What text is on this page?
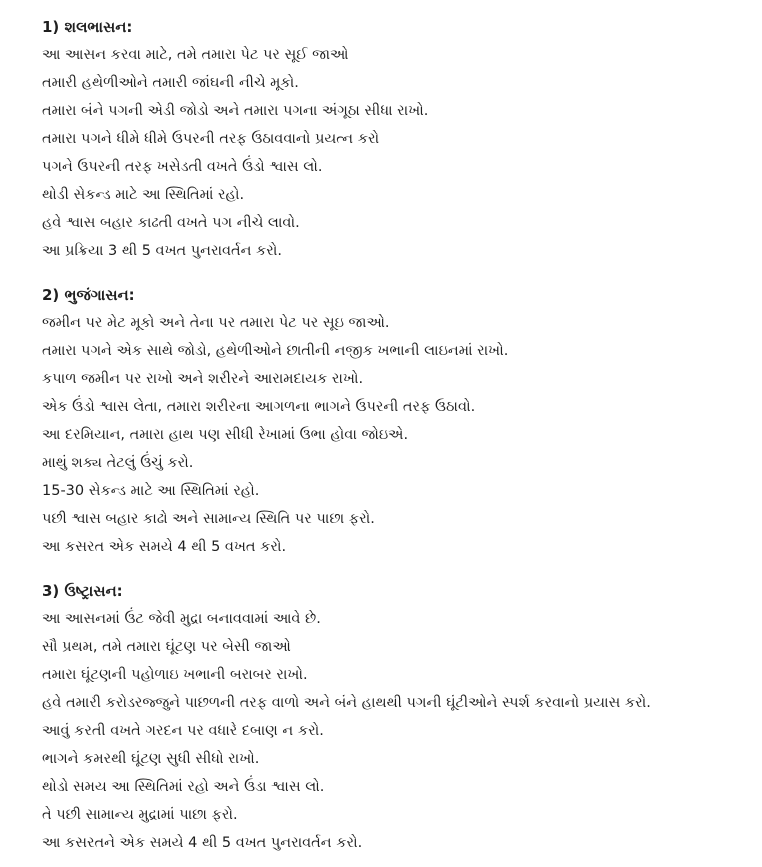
1) શલભાસન:
આ આસન કરવા માટે, તમે તમારા પેટ પર સૂઈ જાઓ
તમારી હથેળીઓને તમારી જાંઘની નીચે મૂકો.
તમારા બંને પગની એડી જોડો અને તમારા પગના અંગૂઠા સીધા રાખો.
તમારા પગને ધીમે ધીમે ઉપરની તરફ ઉઠાવવાનો પ્રયત્ન કરો
પગને ઉપરની તરફ ખસેડતી વખતે ઉંડો શ્વાસ લો.
થોડી સેકન્ડ માટે આ સ્થિતિમાં રહો.
હવે શ્વાસ બહાર કાઢતી વખતે પગ નીચે લાવો.
આ પ્રક્રિયા 3 થી 5 વખત પુનરાવર્તન કરો.
2) ભુજંગાસન:
જમીન પર મેટ મૂકો અને તેના પર તમારા પેટ પર સૂઇ જાઓ.
તમારા પગને એક સાથે જોડો, હથેળીઓને છાતીની નજીક ખભાની લાઇનમાં રાખો.
કપાળ જમીન પર રાખો અને શરીરને આરામદાયક રાખો.
એક ઉંડો શ્વાસ લેતા, તમારા શરીરના આગળના ભાગને ઉપરની તરફ ઉઠાવો.
આ દરમિયાન, તમારા હાથ પણ સીધી રેખામાં ઉભા હોવા જોઇએ.
માથું શક્ય તેટલું ઉંચું કરો.
15-30 સેકન્ડ માટે આ સ્થિતિમાં રહો.
પછી શ્વાસ બહાર કાઢો અને સામાન્ય સ્થિતિ પર પાછા ફરો.
આ કસરત એક સમયે 4 થી 5 વખત કરો.
3) ઉષ્ટ્રાસન:
આ આસનમાં ઉંટ જેવી મુદ્રા બનાવવામાં આવે છે.
સૌ પ્રથમ, તમે તમારા ઘૂંટણ પર બેસી જાઓ
તમારા ઘૂંટણની પહોળાઇ ખભાની બરાબર રાખો.
હવે તમારી કરોડરજ્જુને પાછળની તરફ વાળો અને બંને હાથથી પગની ઘૂંટીઓને સ્પર્શ કરવાનો પ્રયાસ કરો.
આવું કરતી વખતે ગરદન પર વધારે દબાણ ન કરો.
ભાગને કમરથી ઘૂંટણ સુધી સીધો રાખો.
થોડો સમય આ સ્થિતિમાં રહો અને ઉંડા શ્વાસ લો.
તે પછી સામાન્ય મુદ્રામાં પાછા ફરો.
આ કસરતને એક સમયે 4 થી 5 વખત પુનરાવર્તન કરો.
